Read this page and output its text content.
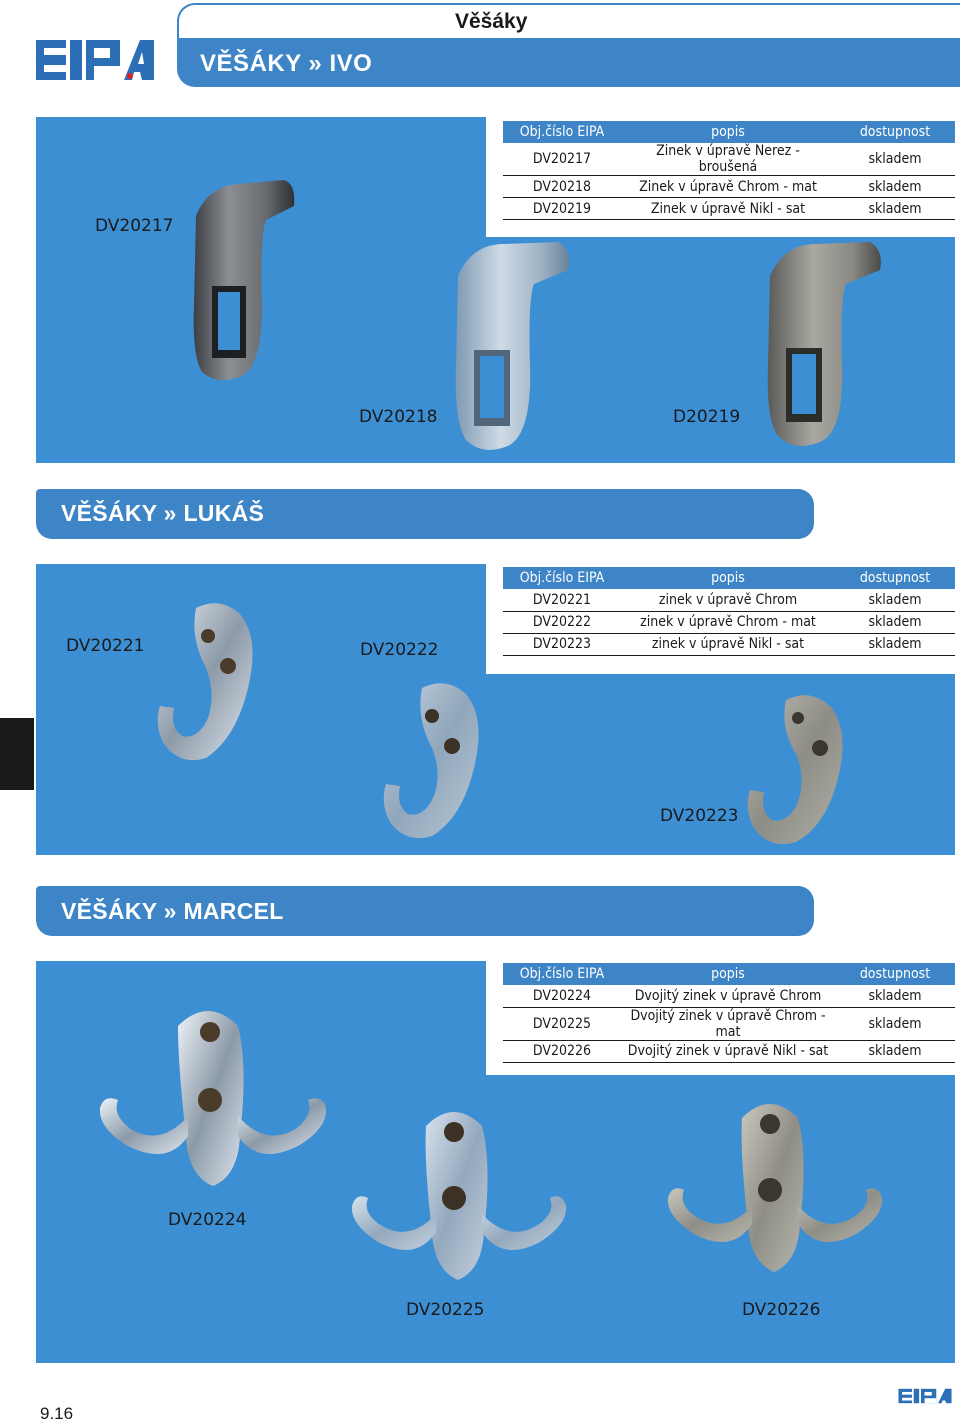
Věšáky
VĚŠÁKY » IVO
Obj.číslo EIPA	popis	dostupnost
DV20217	Zinek v úpravě Nerez - broušená	skladem
DV20218	Zinek v úpravě Chrom - mat	skladem
DV20219	Zinek v úpravě Nikl - sat	skladem
DV20217
DV20218	D20219
VĚŠÁKY » LUKÁŠ
Obj.číslo EIPA	popis	dostupnost
DV20221	zinek v úpravě Chrom	skladem
DV20222	zinek v úpravě Chrom - mat	skladem
DV20223	zinek v úpravě Nikl - sat	skladem
DV20221	DV20222
DV20223
VĚŠÁKY » MARCEL
Obj.číslo EIPA	popis	dostupnost
DV20224	Dvojitý zinek v úpravě Chrom	skladem
DV20225	Dvojitý zinek v úpravě Chrom - mat	skladem
DV20226	Dvojitý zinek v úpravě Nikl - sat	skladem
DV20224
DV20225	DV20226
9.16
